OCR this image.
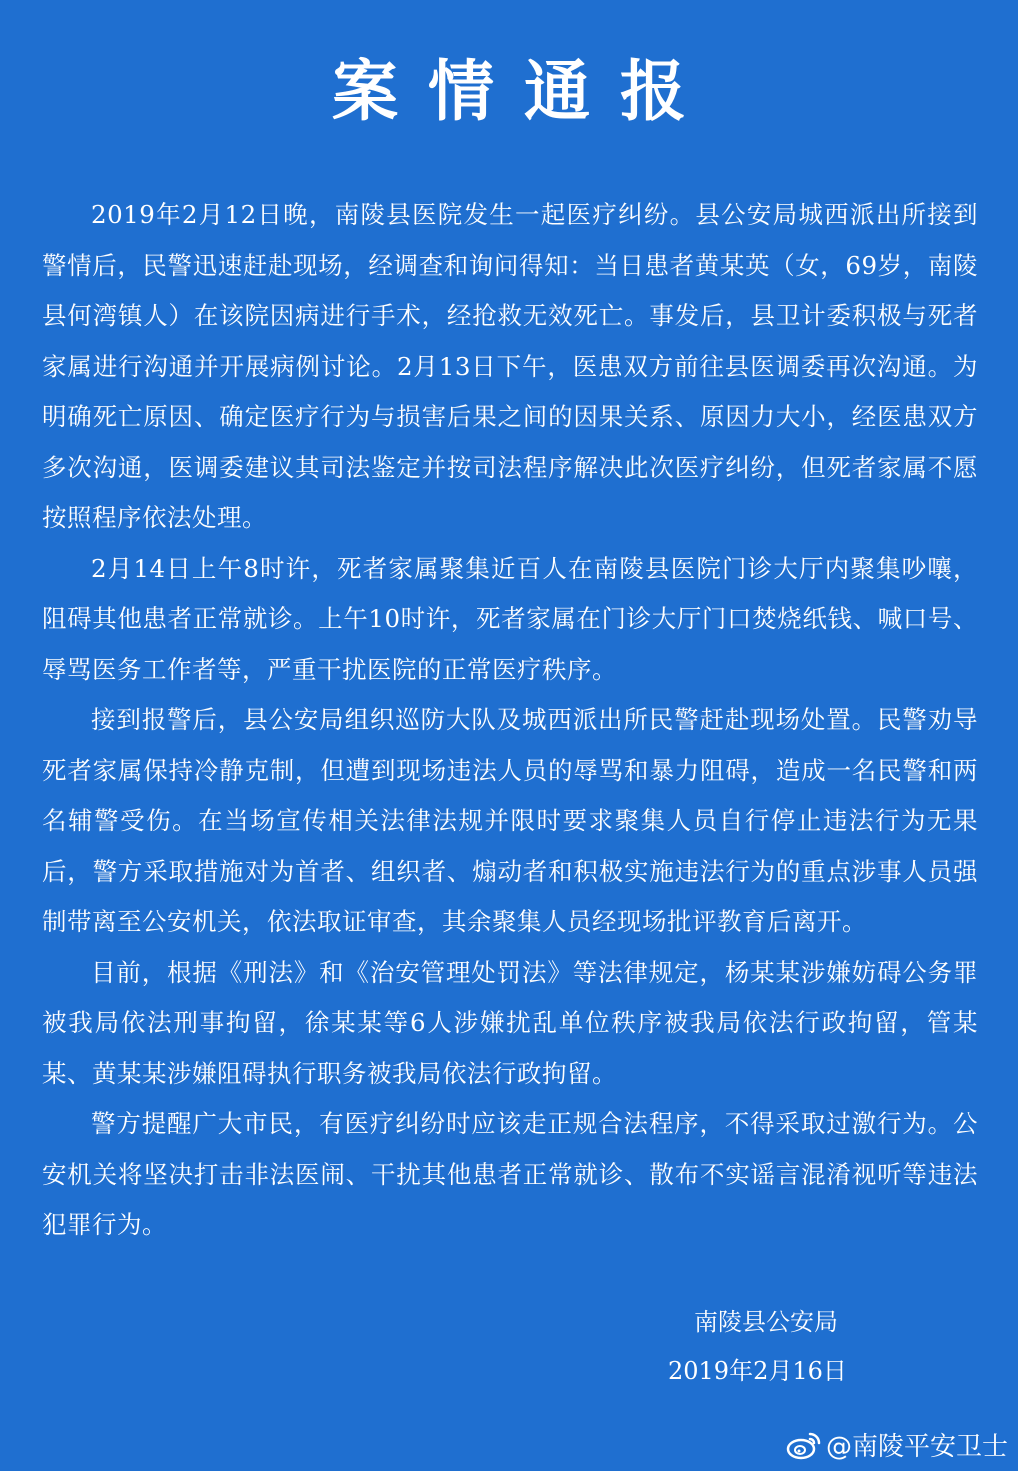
案情通报

2019年2月12日晚，南陵县医院发生一起医疗纠纷。县公安局城西派出所接到警情后，民警迅速赶赴现场，经调查和询问得知：当日患者黄某英（女，69岁，南陵县何湾镇人）在该院因病进行手术，经抢救无效死亡。事发后，县卫计委积极与死者家属进行沟通并开展病例讨论。2月13日下午，医患双方前往县医调委再次沟通。为明确死亡原因、确定医疗行为与损害后果之间的因果关系、原因力大小，经医患双方多次沟通，医调委建议其司法鉴定并按司法程序解决此次医疗纠纷，但死者家属不愿按照程序依法处理。

2月14日上午8时许，死者家属聚集近百人在南陵县医院门诊大厅内聚集吵嚷，阻碍其他患者正常就诊。上午10时许，死者家属在门诊大厅门口焚烧纸钱、喊口号、辱骂医务工作者等，严重干扰医院的正常医疗秩序。

接到报警后，县公安局组织巡防大队及城西派出所民警赶赴现场处置。民警劝导死者家属保持冷静克制，但遭到现场违法人员的辱骂和暴力阻碍，造成一名民警和两名辅警受伤。在当场宣传相关法律法规并限时要求聚集人员自行停止违法行为无果后，警方采取措施对为首者、组织者、煽动者和积极实施违法行为的重点涉事人员强制带离至公安机关，依法取证审查，其余聚集人员经现场批评教育后离开。

目前，根据《刑法》和《治安管理处罚法》等法律规定，杨某某涉嫌妨碍公务罪被我局依法刑事拘留，徐某某等6人涉嫌扰乱单位秩序被我局依法行政拘留，管某某、黄某某涉嫌阻碍执行职务被我局依法行政拘留。

警方提醒广大市民，有医疗纠纷时应该走正规合法程序，不得采取过激行为。公安机关将坚决打击非法医闹、干扰其他患者正常就诊、散布不实谣言混淆视听等违法犯罪行为。

南陵县公安局
2019年2月16日
@南陵平安卫士
